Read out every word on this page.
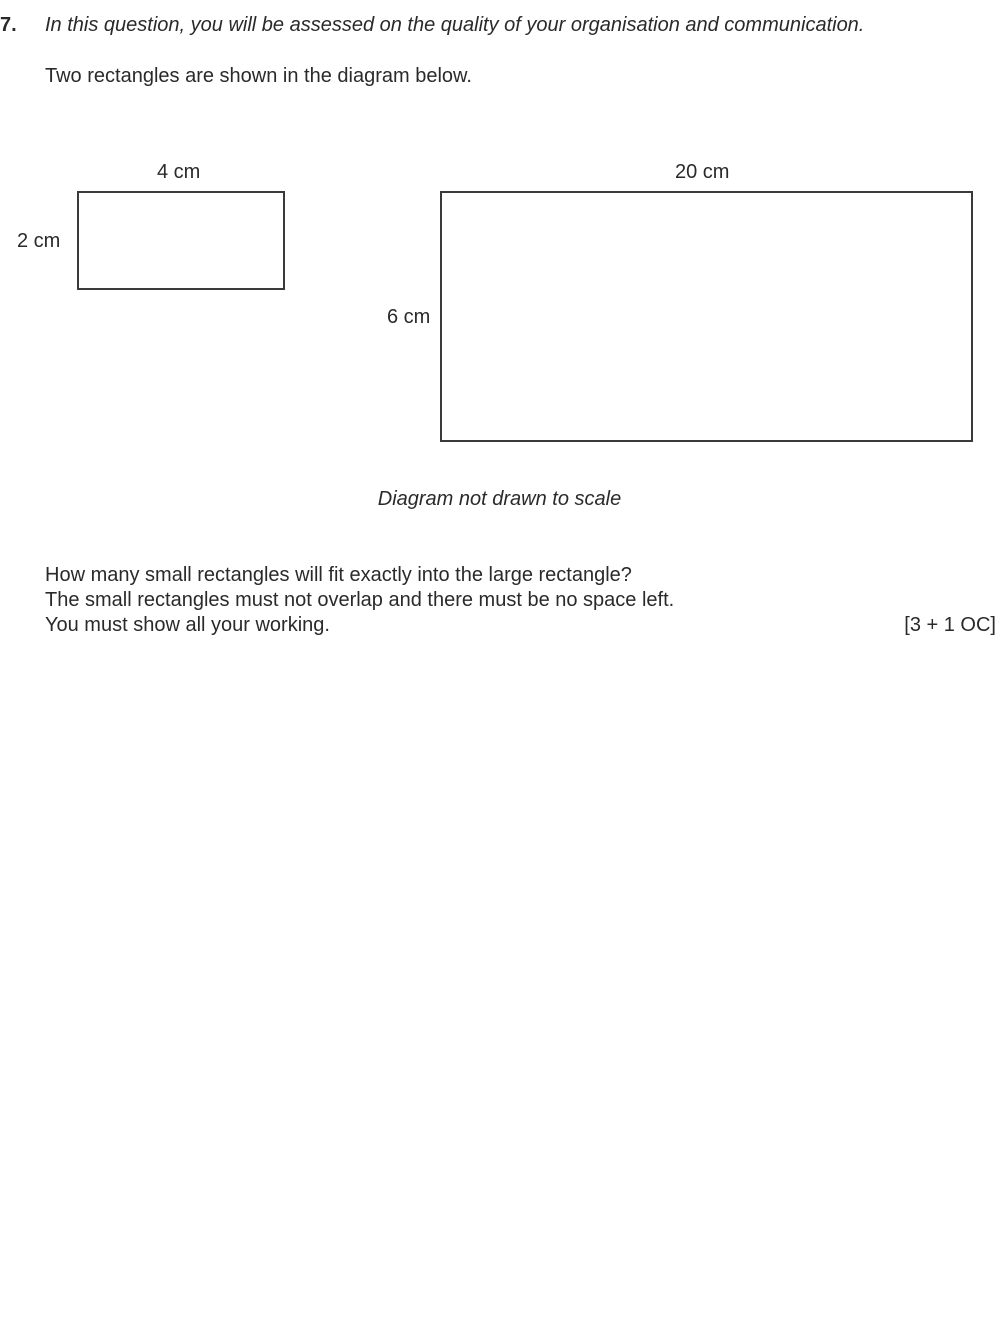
7. In this question, you will be assessed on the quality of your organisation and communication.
Two rectangles are shown in the diagram below.
4 cm
2 cm
20 cm
6 cm
Diagram not drawn to scale
How many small rectangles will fit exactly into the large rectangle?
The small rectangles must not overlap and there must be no space left.
You must show all your working.	[3 + 1 OC]
